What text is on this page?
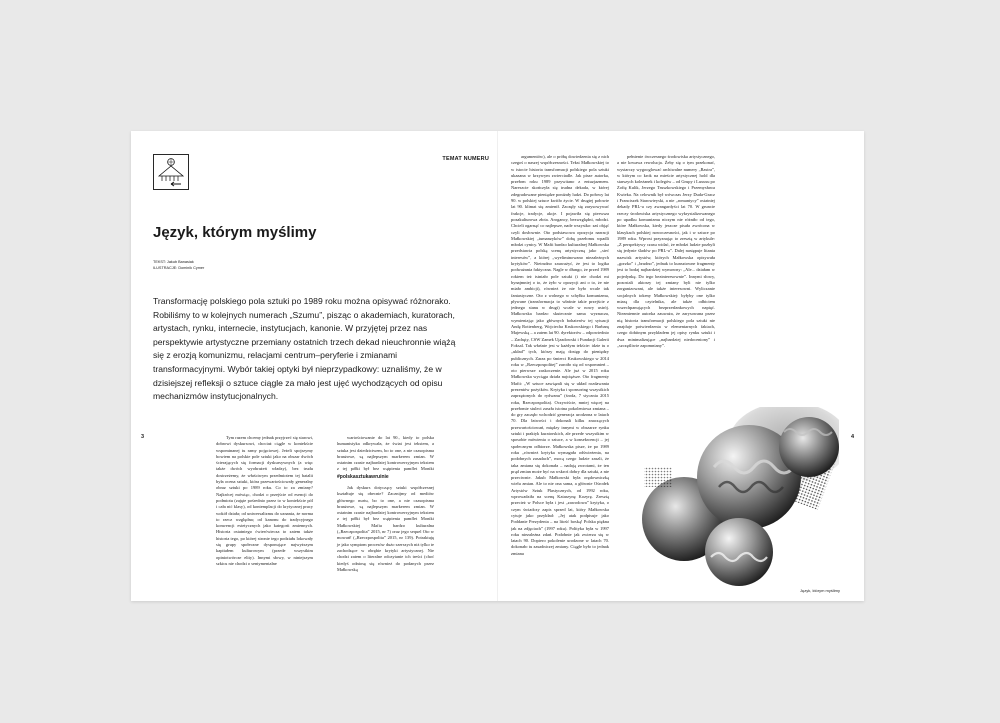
TEMAT NUMERU
Język, którym myślimy
TEKST: Jakub Banasiak
ILUSTRACJE: Dominik Cymer

Transformację polskiego pola sztuki po 1989 roku można opisywać różnorako. Robiliśmy to w kolejnych numerach „Szumu”, pisząc o akademiach, kuratorach, artystach, rynku, internecie, instytucjach, kanonie. W przyjętej przez nas perspektywie artystyczne przemiany ostatnich trzech dekad nieuchronnie wiążą się z erozją komunizmu, relacjami centrum–peryferie i zmianami transformacyjnymi. Wybór takiej optyki był nieprzypadkowy: uznaliśmy, że w dzisiejszej refleksji o sztuce ciągle za mało jest ujęć wychodzących od opisu mechanizmów instytucjonalnych.

Tym razem chcemy jednak przyjrzeć się starowi, dobrowi dyskursowi, chociaż ciągle w kontekście wspominanej tu ramy pojęciowej. Jeżeli spojrzymy bowiem na polskie pole sztuki jako na obszar dwóch ścierających się formacji dyskursywnych (a więc także dwóch wyobrażeń władzy), bez trudu dostrzeżemy, że właściwym przedmiotem tej batalii była ocena sztuki, która przewartościowały generalny obraz sztuki po 1989 roku. Co to za zmiany? Najkrócej mówiąc, chodzi o przejście od esencji do podmiotu (zajęte pośrednio przez to w kontekście pól i cała nić klasy), od kontemplacji do krytycznej pracy wokół działa; od uniwersalizmu do uznania, że norma to rzecz względna; od kanonu do tradycyjnego konwencji estetycznych jako kategorii zmiennych. Historia ostatniego ćwierćwiecza to zatem także historia tego, po której stronie tego podziału lokowały się grupy społeczne dysponujące najwyższym kapitałem kulturowym (przede wszystkim opiniotwórcze elity). Innymi słowy, w niniejszym szkicu nie chodzi o sentymentalne

wartościowanie do lat 90., kiedy to polska humanistyka odkrywała, że świat jest tekstem, a sztuka jest dziedzictwem, bo to one, a nie czasopisma branżowe, są najlepszym markerem zmian. W ostatnim czasie najbardziej kontrowersyjnym tekstem z tej półki był bez wątpienia pamflet Moniki

#polskasztukawruinie

Jak dyskurs dotyczący sztuki współczesnej kształtuje się obecnie? Zacznijmy od mediów głównego nurtu, bo to one, a nie czasopisma branżowe, są najlepszym markerem zmian. W ostatnim czasie najbardziej kontrowersyjnym tekstem z tej półki był bez wątpienia pamflet Moniki Małkowskiej Mafia bardzo kulturalna („Rzeczpospolita” 2015, nr 7) oraz jego sequel Oto w mowań! („Rzeczpospolita” 2015, nr 139). Potraktuję je jako symptom procesów dużo szerszych niż tylko te zachodzące w obrębie krytyki artystycznej. Nie chodzi zatem o literalne odczytanie ich treści (choć kiedyś odniosę się również do podanych przez Małkowską

3

argumentów), ale o próbę dowiedzenia się z nich czegoś o naszej współczesności. Tekst Małkowskiej to w istocie historia transformacji polskiego pola sztuki ukazana w krzywym zwierciadle. Jak pisze autorka, przełom roku 1989 przywitano z entuzjazmem. Nareszcie skończyła się trudna dekada, w której zdegradowane pieniądze poniżały ludzi. Do połowy lat 90. w polskiej sztuce kwitło życie. W drugiej połowie lat 90. klimat się zmienił. Zaczęły się zarysowywać frakcje, tradycje, akcje. I pojawiła się pierwsza pozakulturowa złota. Arogancy, bezwzględni, młodzi. Chcieli ogarnąć co najlepsze, nade wszystko: zaś objąć czyli dosłownie. Oto podstawowa opozycja narracji Małkowskiej „tumanzyków” dobę przełomu wpadli młodzi cynicy. W Mafii bardzo kulturalnej Małkowska przedstawia polską scenę artystyczną jako „sieć interesów”, a której „wyeliminowano niezależnych krytyków”. Nietrudno zauważyć, że jest to logika podważania faktyczna. Nagle w dłungo, że przed 1989 rokiem też istniało pole sztuki (i nie chodzi mi bynajmniej o to, że żyło w opozycji ani o to, że nie miało ambicji), również że nie było wcale tak fantastyczne. Oto z wolnego w schyłku komunizmu, pływane (transformacja to właśnie takie przejście z jednego stanu w drugi) wcale w nowy ustrój. Małkowska bardzo skutecznie sama wyznacza, wymieniając jako głównych bohaterów tej sytuacji Andę Rottenberg, Wojciecha Krukowskiego i Barbarę Majewską – a zatem lat 90. dyrektorów – odpowiednio – Zachęty, CSW Zamek Ujazdowski i Fundacji Galerii Foksal. Tak właśnie jest w każdym tekście: idzie tu o „układ” tych, którzy mają dostęp do pieniędzy publicznych. Zaraz po śmierci Krukowskiego w 2014 roku w „Rzeczpospolitej” zaroiło się od wspomnień – oto pierwsze zaskoczenie. Ale już w 2015 roku Małkowska wyciąga działa najcięższe. Oto fragmenty Mafii: „W sztuce zawiązali się w układ rozdawania prezentów pożytków. Krytyka i sponsoring wszystkich zaprzężonych do rydwanu” (środa, 7 stycznia 2015 roku, Rzeczpospolita). Oczywiście, mniej więcej na przełomie stuleci zaszła istotna pokoleniowa zmiana – do gry zaczęło wchodzić generacja urodzona w latach 70. Dla łatwości i dokonali kilku znaczących przewartościowań, między innymi w obszarze rynku sztuki i praktyk kuratorskich, ale przede wszystkim w sposobie mówienia o sztuce, a w konsekwencji – jej społecznym odbiorze. Małkowska pisze, że po 1989 roku „również krytyka wymagała odświeżenia, na podobnych zasadach”, mocą czego ludzie zaszli, że taka zmiana się dokonała – nadają zwrotami, że ten prąd zmian może być na wskroś dobry dla sztuki, a nie przeciwnie. Jakub Małkowski była orędowniczką wielu zmian. Ale to nie ona sama, a głównie Ośrodek Artystów Sztuk Plastycznych, od 1992 roku, wprowadziła na scenę Katarzynę Kozyrę. Zresztą przecież w Polsce była i jest „zawodowa” krytyka, o czym świadczy zapis sprzed lat, który Małkowska cytuje jako przykład: „Jej atak podpisuje jako Poddanie Prezydenta – na litość boską! Polska piękna jak na zdjęciach” (1997 roku). Polityka była w 1997 roku niezależna zdań. Podobnie jak zwierza się w latach 90. Dopiero pokolenie urodzone w latach 70. dokonało tu zasadniczej zmiany. Ciągle było to jednak zmiana

pełnienie ówczesnego środowiska artystycznego, a nie krwawa rewolucja. Żeby się o tym przekonać, wystarczy wygooglować archiwalne numery „Rastra”, w którym co krok na mieście artystycznej hold dla starszych koleżanek i kolegów – od Grupy i Luxusu po Zofię Kulik, Jerzego Truszkowskiego i Przemysława Kwieka. Na celownik był wówczas Jerzy Duda-Gracz i Franciszek Starowieyski, a nie „romantycy” ostatniej dekady PRL-u czy awangardyści lat 70. W gruncie rzeczy środowiska artystycznego wykrystalizowanego po upadku komunizmu niczym nie różniło od tego, które Małkowska, kiedy jeszcze pisała zwrócona w klasykach polskiej nowoczesności, jak i w sztuce po 1989 roku. Wprost przyznając to zresztą w artykule: „Z perspektywy czasu widać, że młodzi ludzie pozbyli się jedynie śladów po PRL-u”. Dalej następuje litania nazwisk artystów, których Małkowska opisywała „gorzko” i „brudno”, jednak to kunsztowne fragmenty jest to bodaj najbardziej wymowny: „Ale... działam w pojedynkę. Do tego bezinteresownie”. Innymi słowy, pozostali aktorzy tej zmiany byli nie tylko zorganizowani, ale także interesowni. Wyliczanie socjalnych tokeny Małkowskiej: byłyby one tylko miarą dla czytelnika, ale także odbiciem wszechpanujących bezprzesłankowych napięć. Niezmiennie autorka zauważa, że zarysowana przez nią historia transformacji polskiego pola sztuki nie znajduje potwierdzenia w elementarnych faktach, czego dobitnym przykładem jej opisy rynku sztuki i dwa minimalizujące „najbardziej niedoceniony” i „szczęśliwie zapomniany”.

Język, którym myślimy
4
